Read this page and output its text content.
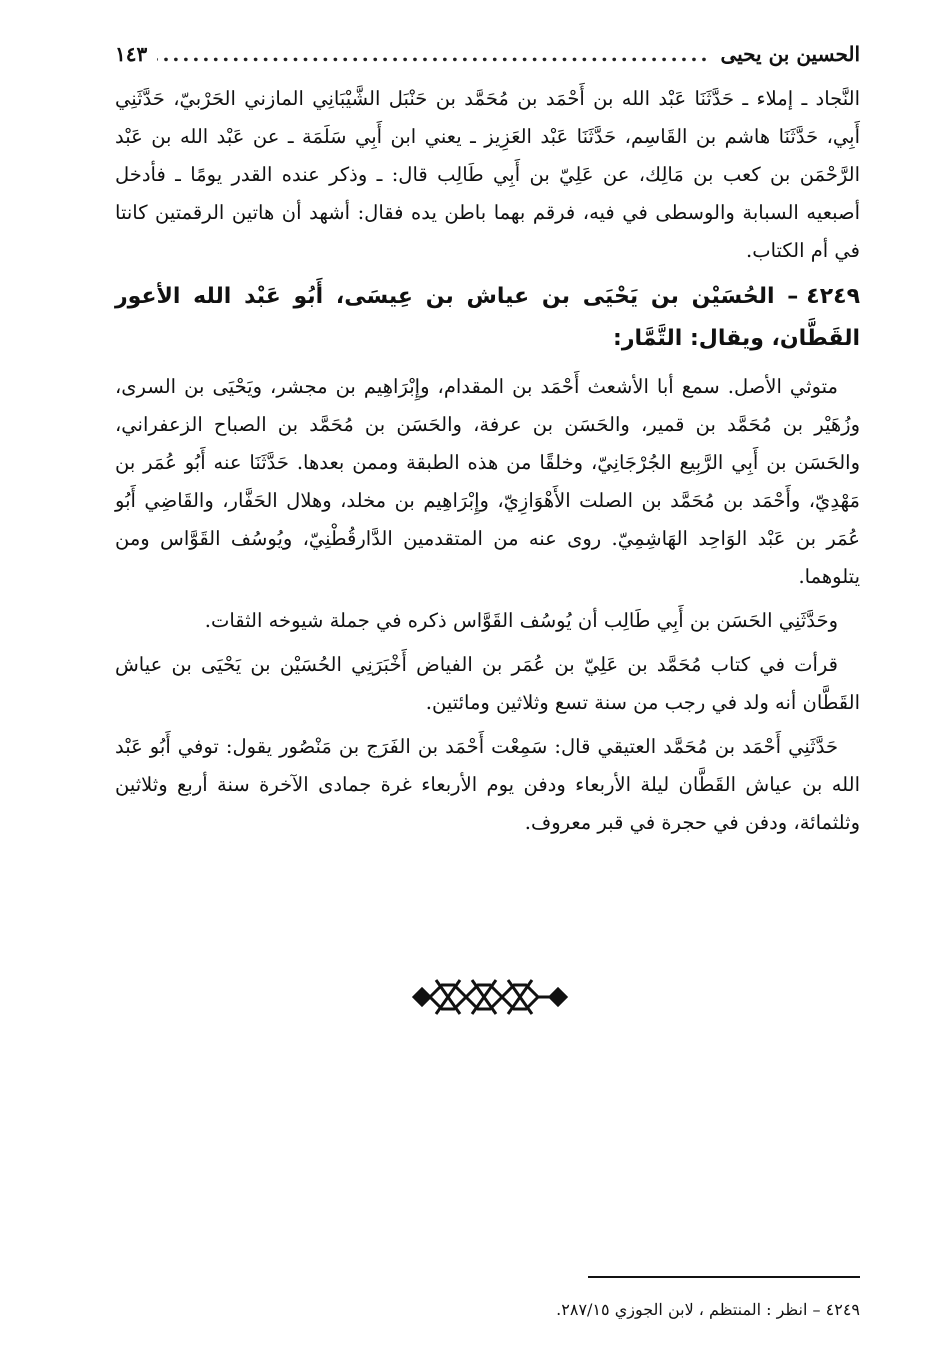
الحسين بن يحيى
.....
١٤٣

النَّجاد ـ إملاء ـ حَدَّثَنَا عَبْد الله بن أَحْمَد بن مُحَمَّد بن حَنْبَل الشَّيْبَانِي المازني الحَرْبيّ، حَدَّثَنِي أَبِي، حَدَّثَنَا هاشم بن القَاسِم، حَدَّثَنَا عَبْد العَزِيز ـ يعني ابن أَبِي سَلَمَة ـ عن عَبْد الله بن عَبْد الرَّحْمَن بن كعب بن مَالِك، عن عَلِيّ بن أَبِي طَالِب قال: ـ وذكر عنده القدر يومًا ـ فأدخل أصبعيه السبابة والوسطى في فيه، فرقم بهما باطن يده فقال: أشهد أن هاتين الرقمتين كانتا في أم الكتاب.

٤٢٤٩– الحُسَيْن بن يَحْيَى بن عياش بن عِيسَى، أَبُو عَبْد الله الأعور القَطَّان، ويقال: التَّمَّار:

متوثي الأصل. سمع أبا الأشعث أَحْمَد بن المقدام، وإِبْرَاهِيم بن مجشر، ويَحْيَى بن السرى، وزُهَيْر بن مُحَمَّد بن قمير، والحَسَن بن عرفة، والحَسَن بن مُحَمَّد بن الصباح الزعفراني، والحَسَن بن أَبِي الرَّبِيع الجُرْجَانِيّ، وخلقًا من هذه الطبقة وممن بعدها. حَدَّثَنَا عنه أَبُو عُمَر بن مَهْدِيّ، وأَحْمَد بن مُحَمَّد بن الصلت الأَهْوَازِيّ، وإِبْرَاهِيم بن مخلد، وهلال الحَفَّار، والقَاضِي أَبُو عُمَر بن عَبْد الوَاحِد الهَاشِمِيّ. روى عنه من المتقدمين الدَّارقُطْنِيّ، ويُوسُف القَوَّاس ومن يتلوهما.

وحَدَّثَنِي الحَسَن بن أَبِي طَالِب أن يُوسُف القَوَّاس ذكره في جملة شيوخه الثقات.

قرأت في كتاب مُحَمَّد بن عَلِيّ بن عُمَر بن الفياض أَخْبَرَنِي الحُسَيْن بن يَحْيَى بن عياش القَطَّان أنه ولد في رجب من سنة تسع وثلاثين ومائتين.

حَدَّثَنِي أَحْمَد بن مُحَمَّد العتيقي قال: سَمِعْت أَحْمَد بن الفَرَج بن مَنْصُور يقول: توفي أَبُو عَبْد الله بن عياش القَطَّان ليلة الأربعاء ودفن يوم الأربعاء غرة جمادى الآخرة سنة أربع وثلاثين وثلثمائة، ودفن في حجرة في قبر معروف.

٤٢٤٩ – انظر : المنتظم ، لابن الجوزي ٢٨٧/١٥.
